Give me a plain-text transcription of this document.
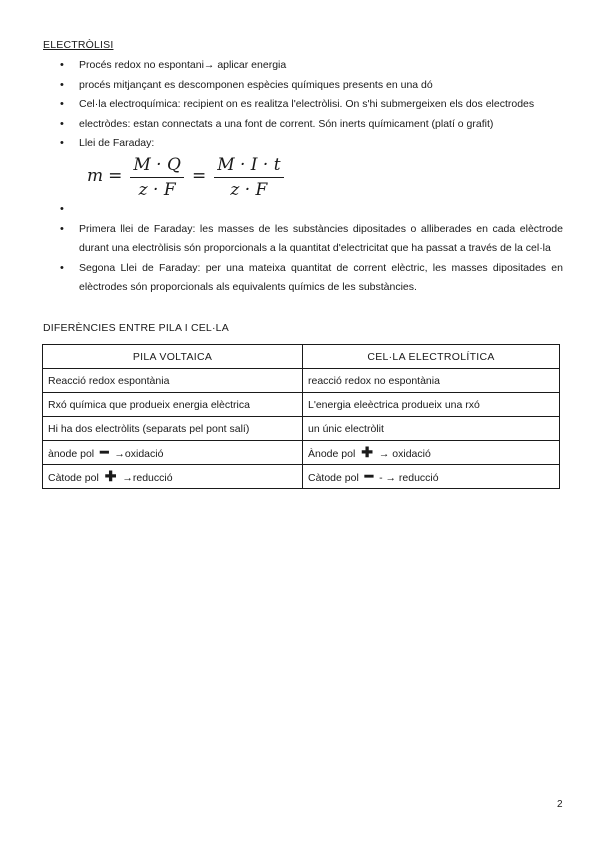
ELECTRÒLISI
• Procés redox no espontani→ aplicar energia
• procés mitjançant es descomponen espècies químiques presents en una dó
• Cel·la electroquímica: recipient on es realitza l'electròlisi. On s'hi submergeixen els dos electrodes
• electròdes: estan connectats a una font de corrent. Són inerts químicament (platí o grafit)
• Llei de Faraday:
• $m = \frac{M \cdot Q}{z \cdot F} = \frac{M \cdot I \cdot t}{z \cdot F}$
• Primera llei de Faraday: les masses de les substàncies dipositades o alliberades en cada elèctrode durant una electròlisis són proporcionals a la quantitat d'electricitat que ha passat a través de la cel·la
• Segona Llei de Faraday: per una mateixa quantitat de corrent elèctric, les masses dipositades en elèctrodes són proporcionals als equivalents químics de les substàncies.
DIFERÈNCIES ENTRE PILA I CEL·LA
PILA VOLTAICA	CEL·LA ELECTROLÍTICA
Reacció redox espontània	reacció redox no espontània
Rxó química que produeix energia elèctrica	L'energia eleèctrica produeix una rxó
Hi ha dos electròlits (separats pel pont salí)	un únic electròlit
ànode pol ━ →oxidació	Ànode pol ✚ → oxidació
Càtode pol ✚ →reducció	Càtode pol ━ - → reducció
2
